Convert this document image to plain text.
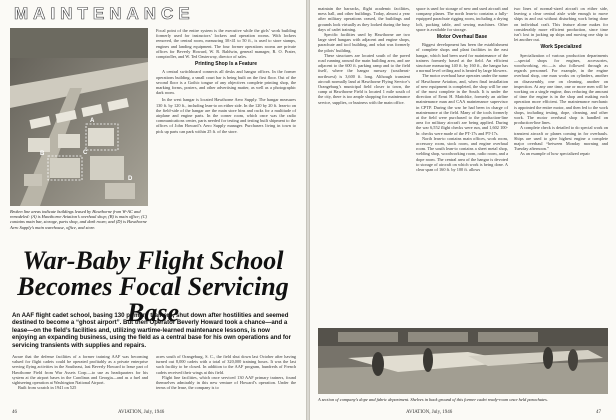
MAINTENANCE
A
B	C
D
Broken line areas indicate buildings leased by Hawthorne from W-AC and remodeled: (A) is Hawthorne Aviation’s overhaul shop; (B) is main office; (C) contains main bar, storage, parts shop, and dark room; and (D) is Hawthorne Aero Supply’s main warehouse, office, and store.

Focal point of the entire system is the executive while the girls’ work building formerly used for instructors’ lockers and operation rooms. With lockers removed, the central room, measuring 30×41 to 50 ft., is used to store stamps, engines and landing equipment. The four former operations rooms are private offices for Beverly Howard, W. R. Baldwin, general manager, R. O. Prater, comptroller, and W. Ted Oasterway, director of sales.

Printing Shop Is a Feature

A central switchboard connects all desks and hangar offices. In the former operations building, a small court bar is being built on the first floor. Out of the second floor is a Gothic tongue of any objectives complete printing shop, the marking forms, posters, and other advertising matter, as well as a photographic dark room.

In the west hangar is located Hawthorne Aero Supply. The hangar measures 130 ft. by 120 ft., including lean-to on either side. In the 120 by 20 ft. lean-to on the field-side of the hangar are the main store bins and racks for a multitude of airplane and engine parts. In the corner room, which once was the radio communications center, parts needed for testing and testing built shipment to the offices of John Howard’s Aero Supply manager. Purchasers living in town to pick up parts can park within 25 ft. of the store.

War-Baby Flight School Becomes Focal Servicing Base
An AAF flight cadet school, basing 130 primary trainers, shut down after hostilities and seemed destined to become a “ghost airport”. But then Operator Beverly Howard took a chance—and a lease—on the field’s facilities and, utilizing wartime-learned maintenance lessons, is now enjoying an expanding business, using the field as a central base for his own operations and for servicing transients with supplies and repairs.

Aware that the defense facilities of a former training AAF was becoming valued for flight cadets could be operated profitably as a private enterprise serving flying activities in the Southeast, last Beverly Howard to lease part of Hawthorne Field from War Assets Corp.—to use as headquarters for his system at the airport bases in the Carolinas and Georgia—and as a fuel and sightseeing operation at Washington National Airport.

Built from scratch in 1941 on 525

acres south of Orangeburg, S. C., the field shut down last October after having turned out 8,000 cadets with a total of 320,000 training hours. It was the last such facility to be closed. In addition to the AAF program, hundreds of French cadets received their wings at this field.

Flight line facilities, which once serviced 130 AAF primary trainers, found themselves admirably in this new venture of Howard’s operation. Under the terms of the lease, the company is to

46	AVIATION, July, 1946

maintain the barracks, flight academic facilities, mess hall, and other buildings. Today, almost a year after military operations ceased, the buildings and grounds look virtually as they looked during the busy days of cadet training.

Specific facilities used by Hawthorne are two large steel hangars with adjacent and engine shops, parachute and tool building, and what was formerly the pilots’ building.

These structures are located south of the paved road running around the main building area, and are adjacent to the 600 ft. parking ramp and to the field itself, where the hangar runway (southeast-northwest) is 3,600 ft. long. Although transient aircraft normally land at Hawthorne Flying Service’s Orangeburg’s municipal field closer to town, the camp at Hawthorne Field is located 1 mile south of the city, there is too ample shopping for maintenance service, supplies, or business with the main office.

space is used for storage of new and used aircraft and company planes. The north lean-to contains a fully-equipped parachute rigging room, including a drying loft, packing table, and sewing machines. Other space is available for storage.

Motor Overhaul Base

Biggest development has been the establishment of complete shops and plant facilities in the east hangar, which had been used for maintenance of the trainers formerly based at the field. An efficient structure measuring 140 ft. by 160 ft., the hangar has a normal level ceiling and is heated by large blowers.

The motor overhaul base operates under the name of Hawthorne Aviation, and, when final installation of new equipment is completed, the shop will be one of the most complete in the South. It is under the direction of Ernst H. Mattchke, formerly an airline maintenance man and CAA maintenance supervisor in CPTP. During the war he had been in charge of maintenance at the field. Many of the tools formerly at the field were purchased to the production-line area for military aircraft are being applied. During the war 6,552 flight checks were run, and 1,602 100-hr. checks were made of the PT-17s and PT-17s.

North lean-to contains main offices, work room, accessory room, stock room, and engine overhaul room. The south lean-to contains a sheet metal shop, welding shop, woodworking room, radio room, and a dope room. The central area of the hangar is devoted to storage of aircraft on which work is being done. A clear span of 160 ft. by 100 ft. allows

two lines of normal-sized aircraft on either side, leaving a clear central aisle wide enough to move ships in and out without disturbing work being done on individual craft. This feature alone makes for considerably more efficient production, since time isn’t lost in jacking up ships and moving one ship to let another out.

Work Specialized

Specialization of various production departments—special shops for engines, accessories, woodworking, etc.—is also followed through as regards personnel. For example, in the engine overhaul shop, one man works on cylinders, another on disassembly, one on cleaning, another on inspection. At any one time, one or more men will be working on a single engine, thus reducing the amount of time the engine is in the shop and making each operation more efficient. The maintenance mechanic is appointed the entire motor, and then fed to the work shops, including testing, dope, cleaning, and other work. The motor overhaul shop is handled on production-line lines.

A complete check is detailed to do special work on transient aircraft or planes coming in for overhauls. Ships are used to give highest engine a complete major overhaul “between Monday morning and Tuesday afternoon.”

As an example of how specialized repair

A section of company’s dope and fabric department. Shelves in back ground of this former cadet ready-room once held parachutes.
AVIATION, July, 1946	47
